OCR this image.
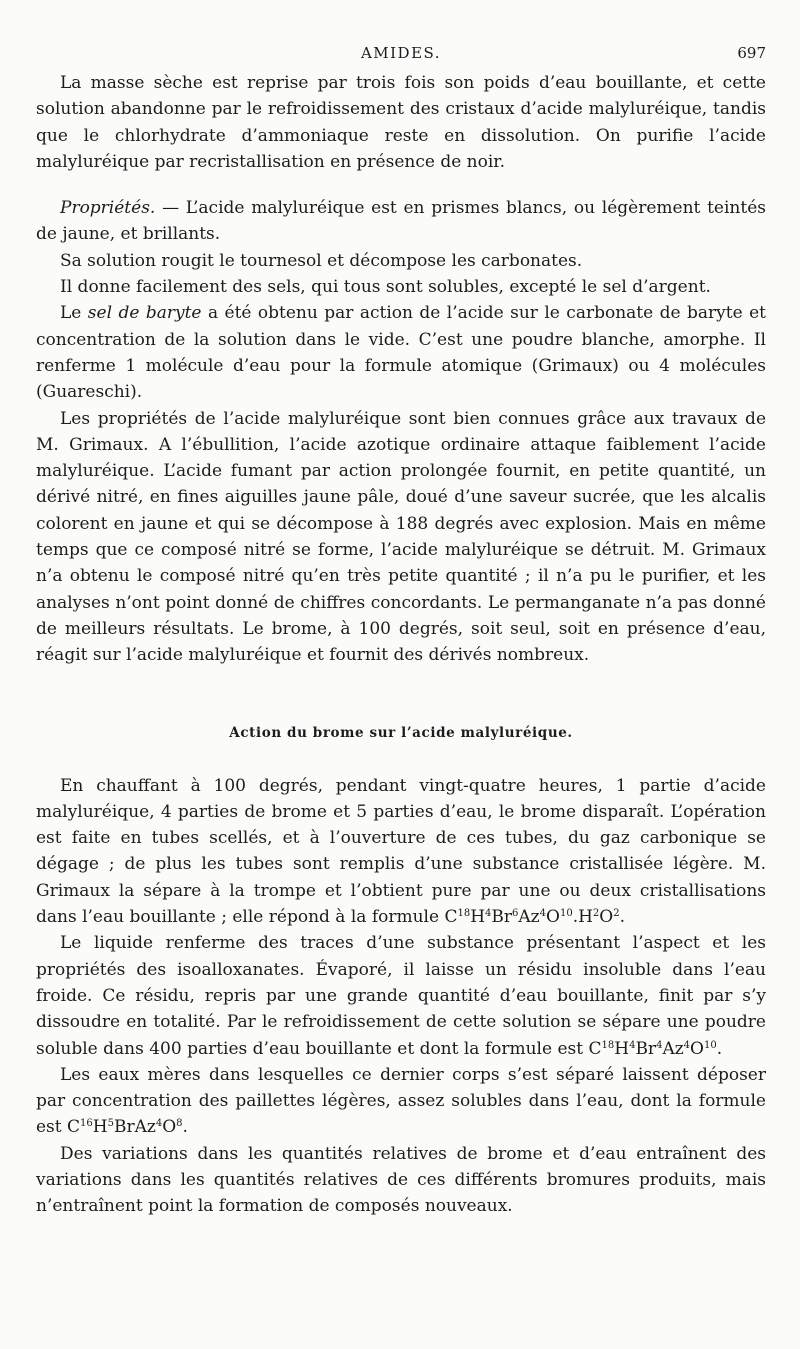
AMIDES.	697

La masse sèche est reprise par trois fois son poids d’eau bouillante, et cette solution abandonne par le refroidissement des cristaux d’acide malyluréique, tandis que le chlorhydrate d’ammoniaque reste en dissolution. On purifie l’acide malyluréique par recristallisation en présence de noir.

Propriétés. — L’acide malyluréique est en prismes blancs, ou légèrement teintés de jaune, et brillants.

Sa solution rougit le tournesol et décompose les carbonates.

Il donne facilement des sels, qui tous sont solubles, excepté le sel d’argent.

Le sel de baryte a été obtenu par action de l’acide sur le carbonate de baryte et concentration de la solution dans le vide. C’est une poudre blanche, amorphe. Il renferme 1 molécule d’eau pour la formule atomique (Grimaux) ou 4 molécules (Guareschi).

Les propriétés de l’acide malyluréique sont bien connues grâce aux travaux de M. Grimaux. A l’ébullition, l’acide azotique ordinaire attaque faiblement l’acide malyluréique. L’acide fumant par action prolongée fournit, en petite quantité, un dérivé nitré, en fines aiguilles jaune pâle, doué d’une saveur sucrée, que les alcalis colorent en jaune et qui se décompose à 188 degrés avec explosion. Mais en même temps que ce composé nitré se forme, l’acide malyluréique se détruit. M. Grimaux n’a obtenu le composé nitré qu’en très petite quantité ; il n’a pu le purifier, et les analyses n’ont point donné de chiffres concordants. Le permanganate n’a pas donné de meilleurs résultats. Le brome, à 100 degrés, soit seul, soit en présence d’eau, réagit sur l’acide malyluréique et fournit des dérivés nombreux.

Action du brome sur l’acide malyluréique.

En chauffant à 100 degrés, pendant vingt-quatre heures, 1 partie d’acide malyluréique, 4 parties de brome et 5 parties d’eau, le brome disparaît. L’opération est faite en tubes scellés, et à l’ouverture de ces tubes, du gaz carbonique se dégage ; de plus les tubes sont remplis d’une substance cristallisée légère. M. Grimaux la sépare à la trompe et l’obtient pure par une ou deux cristallisations dans l’eau bouillante ; elle répond à la formule $C^{18}H^4Br^6Az^4O^{10}.H^2O^2$.

Le liquide renferme des traces d’une substance présentant l’aspect et les propriétés des isoalloxanates. Évaporé, il laisse un résidu insoluble dans l’eau froide. Ce résidu, repris par une grande quantité d’eau bouillante, finit par s’y dissoudre en totalité. Par le refroidissement de cette solution se sépare une poudre soluble dans 400 parties d’eau bouillante et dont la formule est $C^{18}H^4Br^4Az^4O^{10}$.

Les eaux mères dans lesquelles ce dernier corps s’est séparé laissent déposer par concentration des paillettes légères, assez solubles dans l’eau, dont la formule est $C^{16}H^5BrAz^4O^8$.

Des variations dans les quantités relatives de brome et d’eau entraînent des variations dans les quantités relatives de ces différents bromures produits, mais n’entraînent point la formation de composés nouveaux.
